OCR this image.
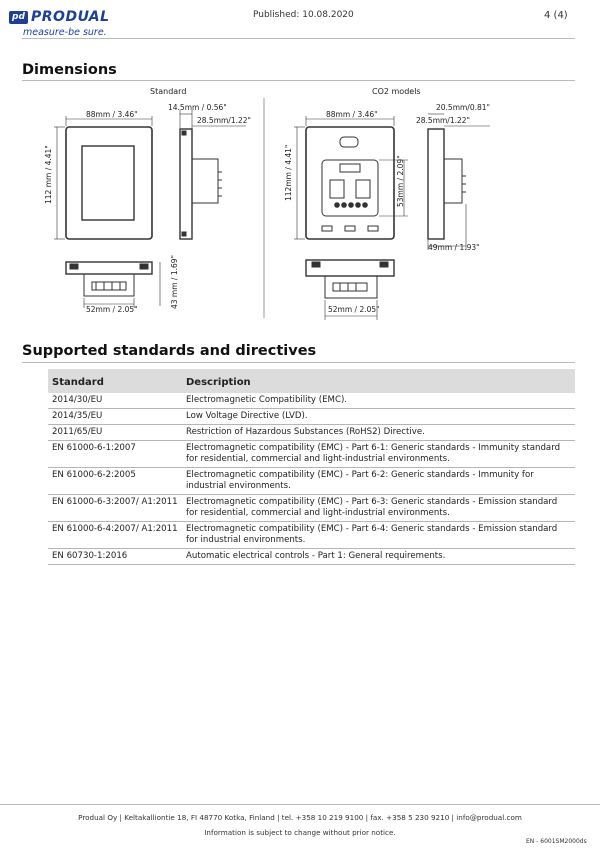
pd PRODUAL
measure-be sure.
Published: 10.08.2020	4 (4)
Dimensions
Standard	CO2 models
88mm / 3.46"
112 mm / 4.41"
14.5mm / 0.56"
28.5mm/1.22"
52mm / 2.05"
43 mm / 1.69"
88mm / 3.46"
112mm / 4.41"	53mm / 2.09"
20.5mm/0.81"
28.5mm/1.22"
49mm / 1.93"
52mm / 2.05"
Supported standards and directives
Standard	Description
2014/30/EU	Electromagnetic Compatibility (EMC).
2014/35/EU	Low Voltage Directive (LVD).
2011/65/EU	Restriction of Hazardous Substances (RoHS2) Directive.
EN 61000-6-1:2007	Electromagnetic compatibility (EMC) - Part 6-1: Generic standards - Immunity standard for residential, commercial and light-industrial environments.
EN 61000-6-2:2005	Electromagnetic compatibility (EMC) - Part 6-2: Generic standards - Immunity for industrial environments.
EN 61000-6-3:2007/ A1:2011	Electromagnetic compatibility (EMC) - Part 6-3: Generic standards - Emission standard for residential, commercial and light-industrial environments.
EN 61000-6-4:2007/ A1:2011	Electromagnetic compatibility (EMC) - Part 6-4: Generic standards - Emission standard for industrial environments.
EN 60730-1:2016	Automatic electrical controls - Part 1: General requirements.
Produal Oy | Keltakalliontie 18, FI 48770 Kotka, Finland | tel. +358 10 219 9100 | fax. +358 5 230 9210 | info@produal.com
Information is subject to change without prior notice.
EN - 6001SM2000ds
